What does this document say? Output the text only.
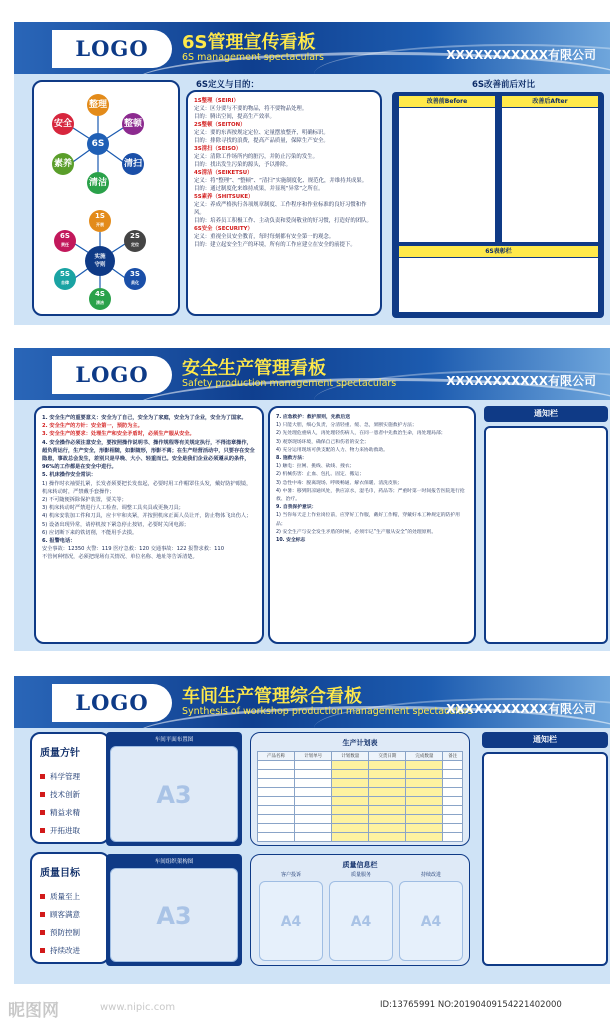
LOGO	6S管理宣传看板
6S management spectaculars	XXXXXXXXXXX有限公司
6S
整理
整顿
清扫
清洁
素养
安全
实施
守则
1S
开展
2S
定位
3S
美化
4S
清洁
5S
自律
6S
责任
6S定义与目的：
1S整理（SEIRI）
定义：区分要与不要的物品，将不要物品处理。
目的：腾出空间，提高生产效率。
2S整顿（SEITON）
定义：要的东西按规定定位、定量摆放整齐，明确标识。
目的：排除寻找的浪费，提高产品质量，保障生产安全。
3S清扫（SEISO）
定义：清除工作场所内的脏污，并防止污染的发生。
目的：找出发生污染的源头，予以排除。
4S清洁（SEIKETSU）
定义：将“整理”、“整顿”、“清扫”实施制度化、规范化，并维持其成果。
目的：通过制度化来维持成果，并显现“异常”之所在。
5S素养（SHITSUKE）
定义：养成严格执行各项规章制度、工作程序和作业标准的良好习惯和作风。
目的：培养员工积极工作、主动负责和爱岗敬业的好习惯，打造好的团队。
6S安全（SECURITY）
定义：重视全员安全教育，每时每刻都有安全第一的观念。
目的：建立起安全生产的环境，所有的工作应建立在安全的前提下。
6S改善前后对比
改善前Before	改善后After
6S表彰栏
LOGO	安全生产管理看板
Safety production management spectaculars	XXXXXXXXXXX有限公司
1. 安全生产的重要意义：安全为了自己，安全为了家庭，安全为了企业，安全为了国家。
2. 安全生产的方针：安全第一，预防为主。
3. 安全生产的要求：处理生产和安全矛盾时，必须生产服从安全。
4. 安全操作必须注意安全，要按照操作说明书、操作规程等有关规定执行，不得违章操作，超负荷运行，生产安全，形影相随，如影随形，形影不离；在生产经营活动中，只要存在安全隐患，事故总会发生，差别只是早晚、大小、轻重而已。安全是我们企业必须遵从的条件，96%的工作都是在安全中进行。
5. 机床操作安全常识：
1) 操作时衣袖要扎紧，长发者须要把长发盘起，必要时用工作帽罩住头发，戴好防护眼镜，机床转动时，严禁戴手套操作；
2) 不可随便拆除保护装置，要关等；
3) 机床转动时严禁进行人工检查、调整工具夹具或更换刀具；
4) 机床安装加工件和刀具，应卡牢和夹紧，并按照机床正面人员让开，防止物体飞出伤人；
5) 设备出现异常，请停机按下紧急停止按钮，必要时关闭电源；
6) 应切断下来的铁切削，不能用手去摸。
6. 报警电话：
安全事故：12350 火警：119 医疗急救：120 交通事故：122 报警求救：110
不管何种情况，必须把现场有关情况、单位名称、地址等告诉清楚。
7. 应急救护：救护原则，先救后送
1) 只能大胆，细心负责，分清轻重、缓、急，果断实施救护方法；
2) 先处理危重病人，再处理轻伤病人，在同一患者中先救治生命，再处理局部；
3) 观察现场环境，确保自己和伤者的安全；
4) 充分运用现场可供支配的人力、物力来协助救助。
8. 施救方法：
1) 触电：拉闸、挑线、砍线、拽衣；
2) 机械伤害：止血、包扎、固定、搬运；
3) 急性中毒：脱离现场、呼吸畅通、解衣保暖、清洗皮肤；
4) 中暑：移到阴凉通风处，供应凉水，湿毛巾，药品等；严重时第一时间报告医院进行抢救、治疗。
9. 自我保护意识：
1) 当你每天走上作业岗位前，应穿好工作服，戴好工作帽，穿戴好本工种规定的防护用品；
2) 安全生产与安全发生矛盾的时候，必须牢记“生产服从安全”的处理原则。
10. 安全标志
通知栏
LOGO	车间生产管理综合看板
Synthesis of workshop production management spectaculars
XXXXXXXXXXX有限公司
质量方针
科学管理
技术创新
精益求精
开拓进取
质量目标
质量至上
顾客满意
预防控制
持续改进
车间平面布置图
A3
车间组织架构图
A3
生产计划表
产品名称	计划单号	计划数量	交货日期	完成数量	备注

质量信息栏
客户投诉
A4
质量服务
A4
持续改进
A4
通知栏
昵图网	www.nipic.com	ID:13765991 NO:20190409154221402000
